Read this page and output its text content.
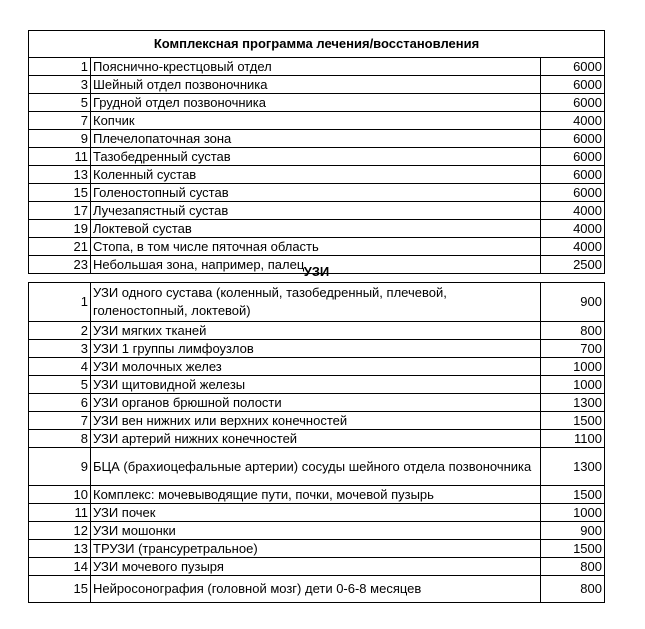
Комплексная программа лечения/восстановления		
1	Пояснично-крестцовый отдел	6000
3	Шейный отдел позвоночника	6000
5	Грудной отдел позвоночника	6000
7	Копчик	4000
9	Плечелопаточная зона	6000
11	Тазобедренный сустав	6000
13	Коленный сустав	6000
15	Голеностопный сустав	6000
17	Лучезапястный сустав	4000
19	Локтевой сустав	4000
21	Стопа, в том числе пяточная область	4000
23	Небольшая зона, например, палец	2500
УЗИ
1	УЗИ одного сустава (коленный, тазобедренный, плечевой, голеностопный, локтевой)	900
2	УЗИ мягких тканей	800
3	УЗИ 1 группы лимфоузлов	700
4	УЗИ молочных желез	1000
5	УЗИ щитовидной железы	1000
6	УЗИ органов брюшной полости	1300
7	УЗИ вен нижних или верхних конечностей	1500
8	УЗИ артерий нижних конечностей	1100
9	БЦА (брахиоцефальные артерии) сосуды шейного отдела позвоночника	1300
10	Комплекс: мочевыводящие пути, почки, мочевой пузырь	1500
11	УЗИ почек	1000
12	УЗИ мошонки	900
13	ТРУЗИ (трансуретральное)	1500
14	УЗИ мочевого пузыря	800
15	Нейросонография (головной мозг) дети 0-6-8 месяцев	800
